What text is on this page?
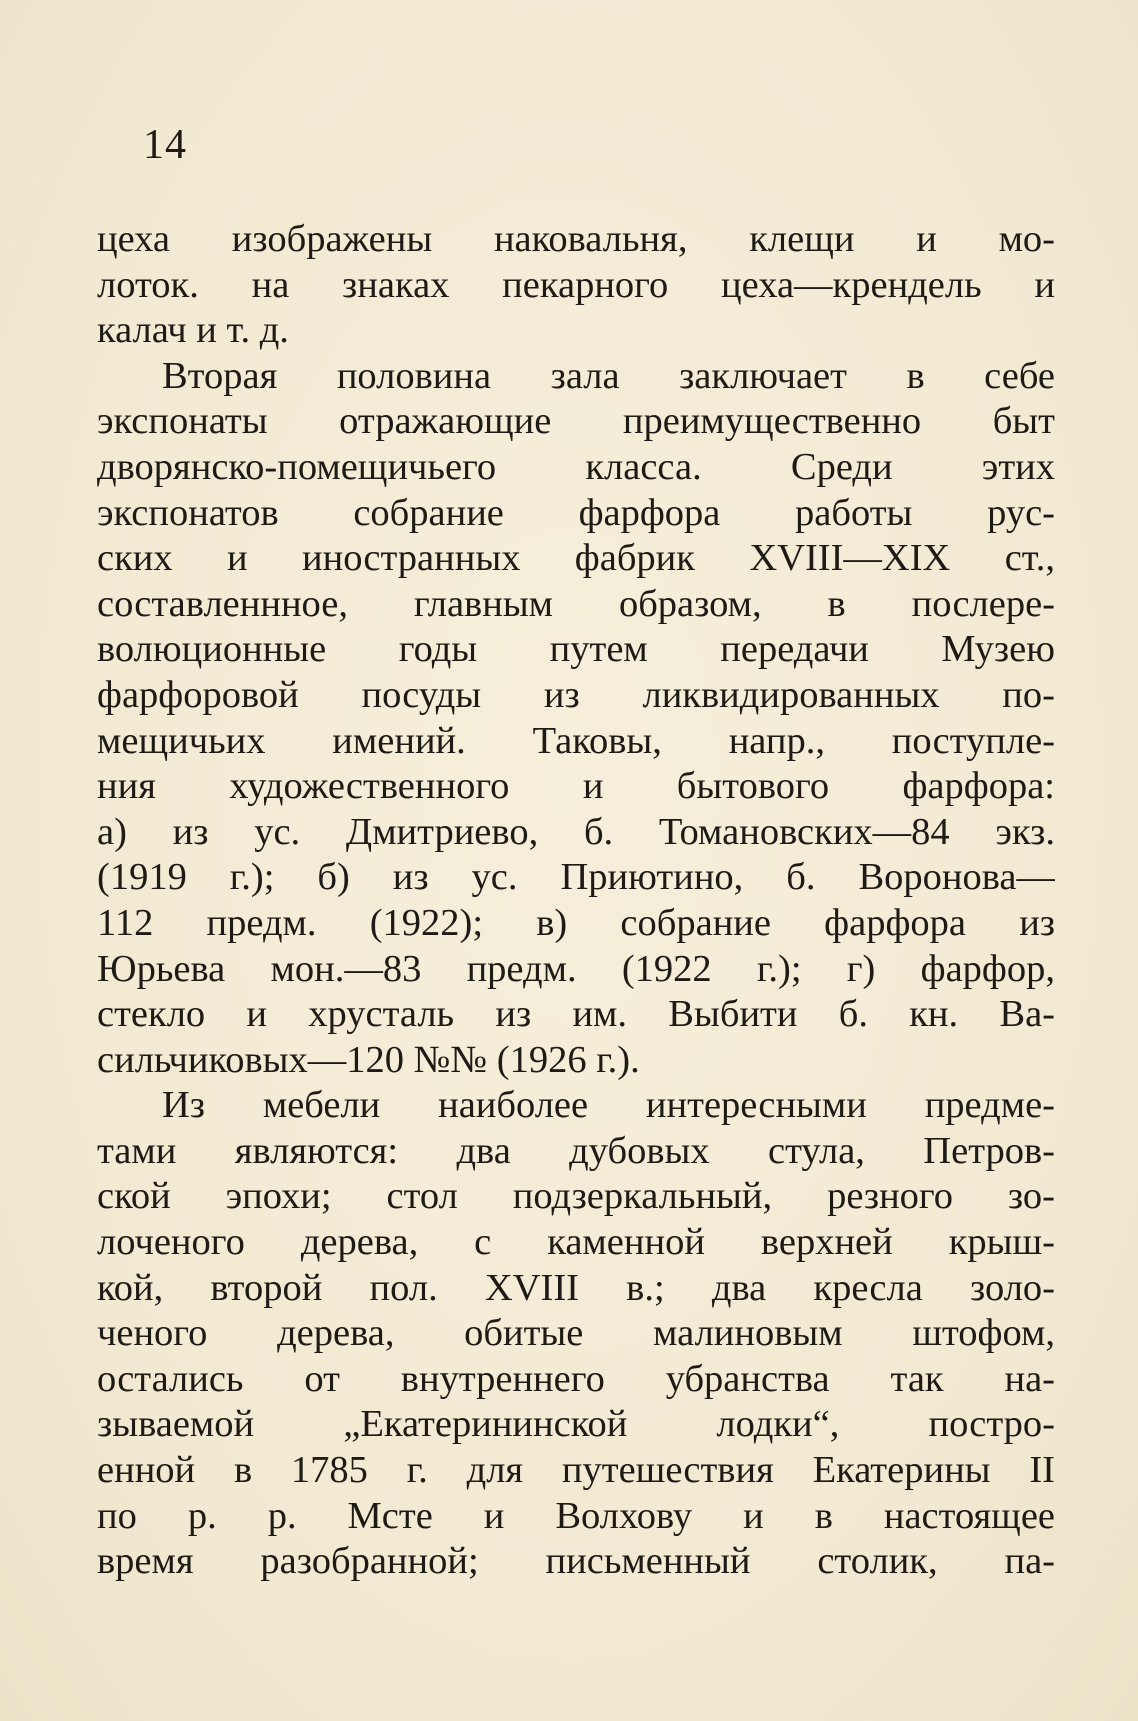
14
цеха изображены наковальня, клещи и мо-
лоток. на знаках пекарного цеха—крендель и
калач и т. д.
Вторая половина зала заключает в себе
экспонаты отражающие преимущественно быт
дворянско-помещичьего класса. Среди этих
экспонатов собрание фарфора работы рус-
ских и иностранных фабрик XVIII—XIX ст.,
составленнное, главным образом, в послере-
волюционные годы путем передачи Музею
фарфоровой посуды из ликвидированных по-
мещичьих имений. Таковы, напр., поступле-
ния художественного и бытового фарфора:
а) из ус. Дмитриево, б. Томановских—84 экз.
(1919 г.); б) из ус. Приютино, б. Воронова—
112 предм. (1922); в) собрание фарфора из
Юрьева мон.—83 предм. (1922 г.); г) фарфор,
стекло и хрусталь из им. Выбити б. кн. Ва-
сильчиковых—120 №№ (1926 г.).
Из мебели наиболее интересными предме-
тами являются: два дубовых стула, Петров-
ской эпохи; стол подзеркальный, резного зо-
лоченого дерева, с каменной верхней крыш-
кой, второй пол. XVIII в.; два кресла золо-
ченого дерева, обитые малиновым штофом,
остались от внутреннего убранства так на-
зываемой „Екатерининской лодки“, постро-
енной в 1785 г. для путешествия Екатерины II
по р. р. Мсте и Волхову и в настоящее
время разобранной; письменный столик, па-
